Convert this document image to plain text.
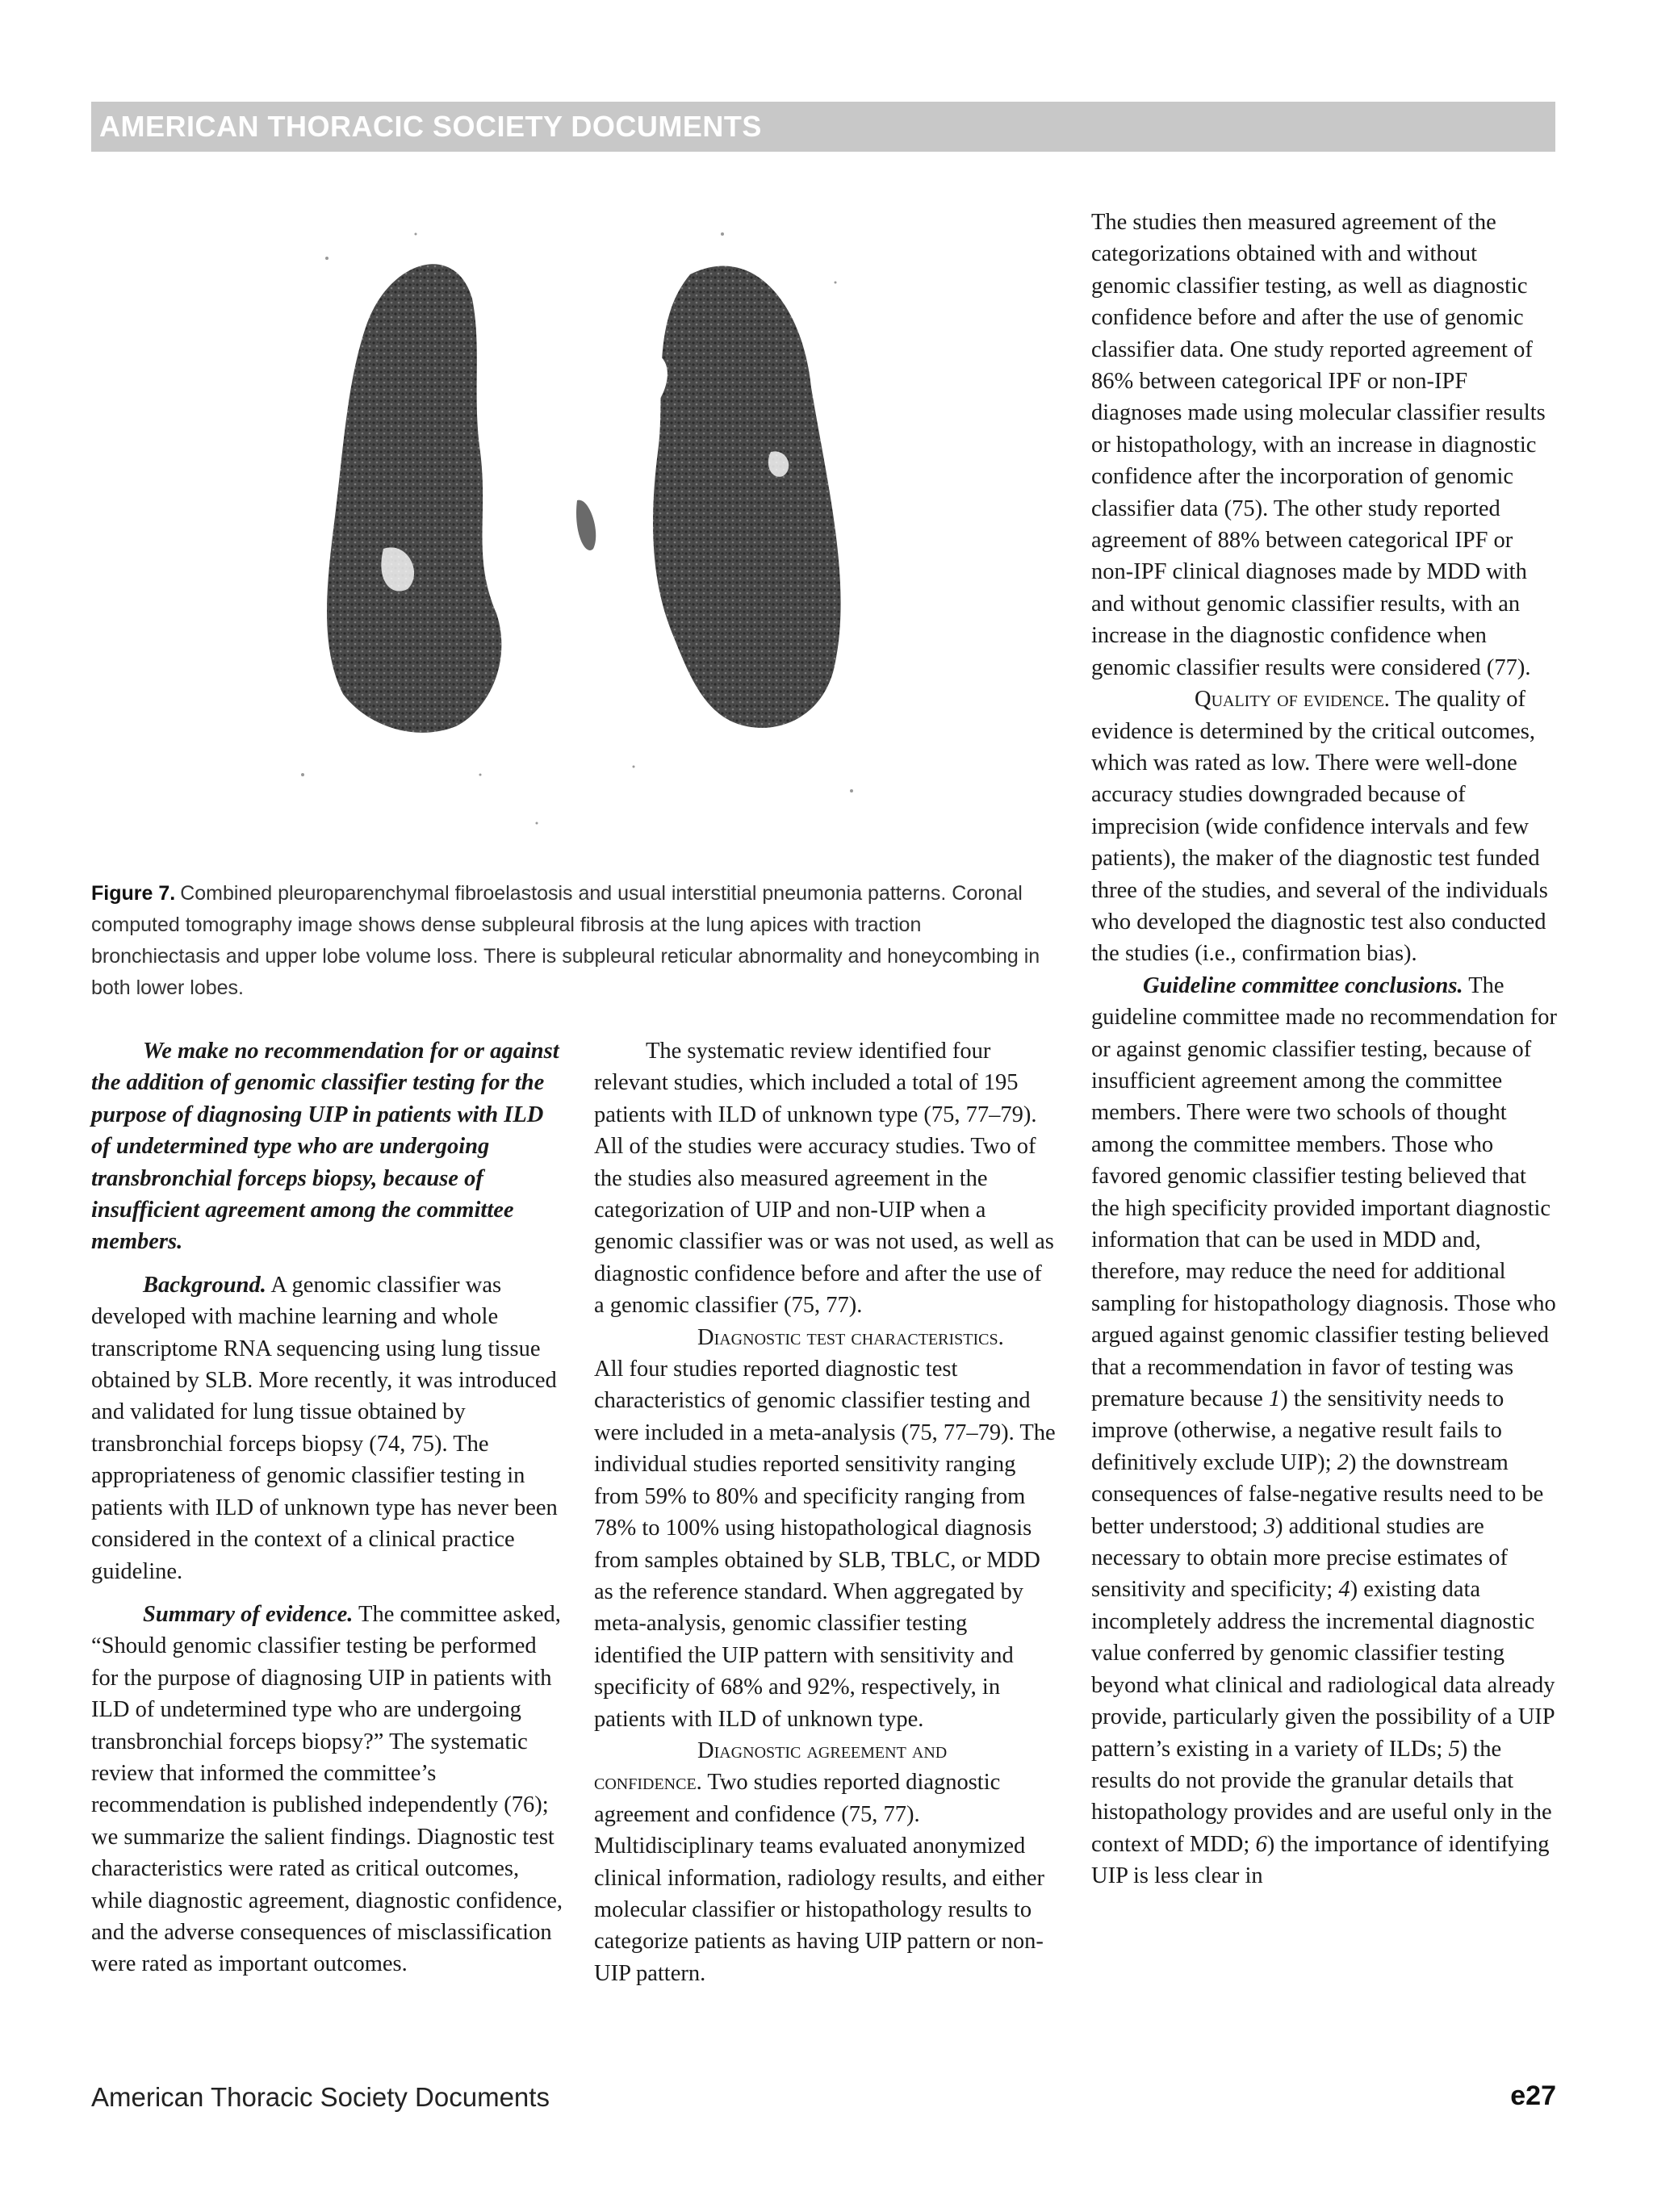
AMERICAN THORACIC SOCIETY DOCUMENTS
Figure 7. Combined pleuroparenchymal fibroelastosis and usual interstitial pneumonia patterns. Coronal computed tomography image shows dense subpleural fibrosis at the lung apices with traction bronchiectasis and upper lobe volume loss. There is subpleural reticular abnormality and honeycombing in both lower lobes.

We make no recommendation for or against the addition of genomic classifier testing for the purpose of diagnosing UIP in patients with ILD of undetermined type who are undergoing transbronchial forceps biopsy, because of insufficient agreement among the committee members.

Background. A genomic classifier was developed with machine learning and whole transcriptome RNA sequencing using lung tissue obtained by SLB. More recently, it was introduced and validated for lung tissue obtained by transbronchial forceps biopsy (74, 75). The appropriateness of genomic classifier testing in patients with ILD of unknown type has never been considered in the context of a clinical practice guideline.

Summary of evidence. The committee asked, “Should genomic classifier testing be performed for the purpose of diagnosing UIP in patients with ILD of undetermined type who are undergoing transbronchial forceps biopsy?” The systematic review that informed the committee’s recommendation is published independently (76); we summarize the salient findings. Diagnostic test characteristics were rated as critical outcomes, while diagnostic agreement, diagnostic confidence, and the adverse consequences of misclassification were rated as important outcomes.

The systematic review identified four relevant studies, which included a total of 195 patients with ILD of unknown type (75, 77–79). All of the studies were accuracy studies. Two of the studies also measured agreement in the categorization of UIP and non-UIP when a genomic classifier was or was not used, as well as diagnostic confidence before and after the use of a genomic classifier (75, 77).

Diagnostic test characteristics.
All four studies reported diagnostic test characteristics of genomic classifier testing and were included in a meta-analysis (75, 77–79). The individual studies reported sensitivity ranging from 59% to 80% and specificity ranging from 78% to 100% using histopathological diagnosis from samples obtained by SLB, TBLC, or MDD as the reference standard. When aggregated by meta-analysis, genomic classifier testing identified the UIP pattern with sensitivity and specificity of 68% and 92%, respectively, in patients with ILD of unknown type.

Diagnostic agreement and confidence. Two studies reported diagnostic agreement and confidence (75, 77). Multidisciplinary teams evaluated anonymized clinical information, radiology results, and either molecular classifier or histopathology results to categorize patients as having UIP pattern or non-UIP pattern.

The studies then measured agreement of the categorizations obtained with and without genomic classifier testing, as well as diagnostic confidence before and after the use of genomic classifier data. One study reported agreement of 86% between categorical IPF or non-IPF diagnoses made using molecular classifier results or histopathology, with an increase in diagnostic confidence after the incorporation of genomic classifier data (75). The other study reported agreement of 88% between categorical IPF or non-IPF clinical diagnoses made by MDD with and without genomic classifier results, with an increase in the diagnostic confidence when genomic classifier results were considered (77).

Quality of evidence. The quality of evidence is determined by the critical outcomes, which was rated as low. There were well-done accuracy studies downgraded because of imprecision (wide confidence intervals and few patients), the maker of the diagnostic test funded three of the studies, and several of the individuals who developed the diagnostic test also conducted the studies (i.e., confirmation bias).

Guideline committee conclusions. The guideline committee made no recommendation for or against genomic classifier testing, because of insufficient agreement among the committee members. There were two schools of thought among the committee members. Those who favored genomic classifier testing believed that the high specificity provided important diagnostic information that can be used in MDD and, therefore, may reduce the need for additional sampling for histopathology diagnosis. Those who argued against genomic classifier testing believed that a recommendation in favor of testing was premature because 1) the sensitivity needs to improve (otherwise, a negative result fails to definitively exclude UIP); 2) the downstream consequences of false-negative results need to be better understood; 3) additional studies are necessary to obtain more precise estimates of sensitivity and specificity; 4) existing data incompletely address the incremental diagnostic value conferred by genomic classifier testing beyond what clinical and radiological data already provide, particularly given the possibility of a UIP pattern’s existing in a variety of ILDs; 5) the results do not provide the granular details that histopathology provides and are useful only in the context of MDD; 6) the importance of identifying UIP is less clear in

American Thoracic Society Documents	e27
